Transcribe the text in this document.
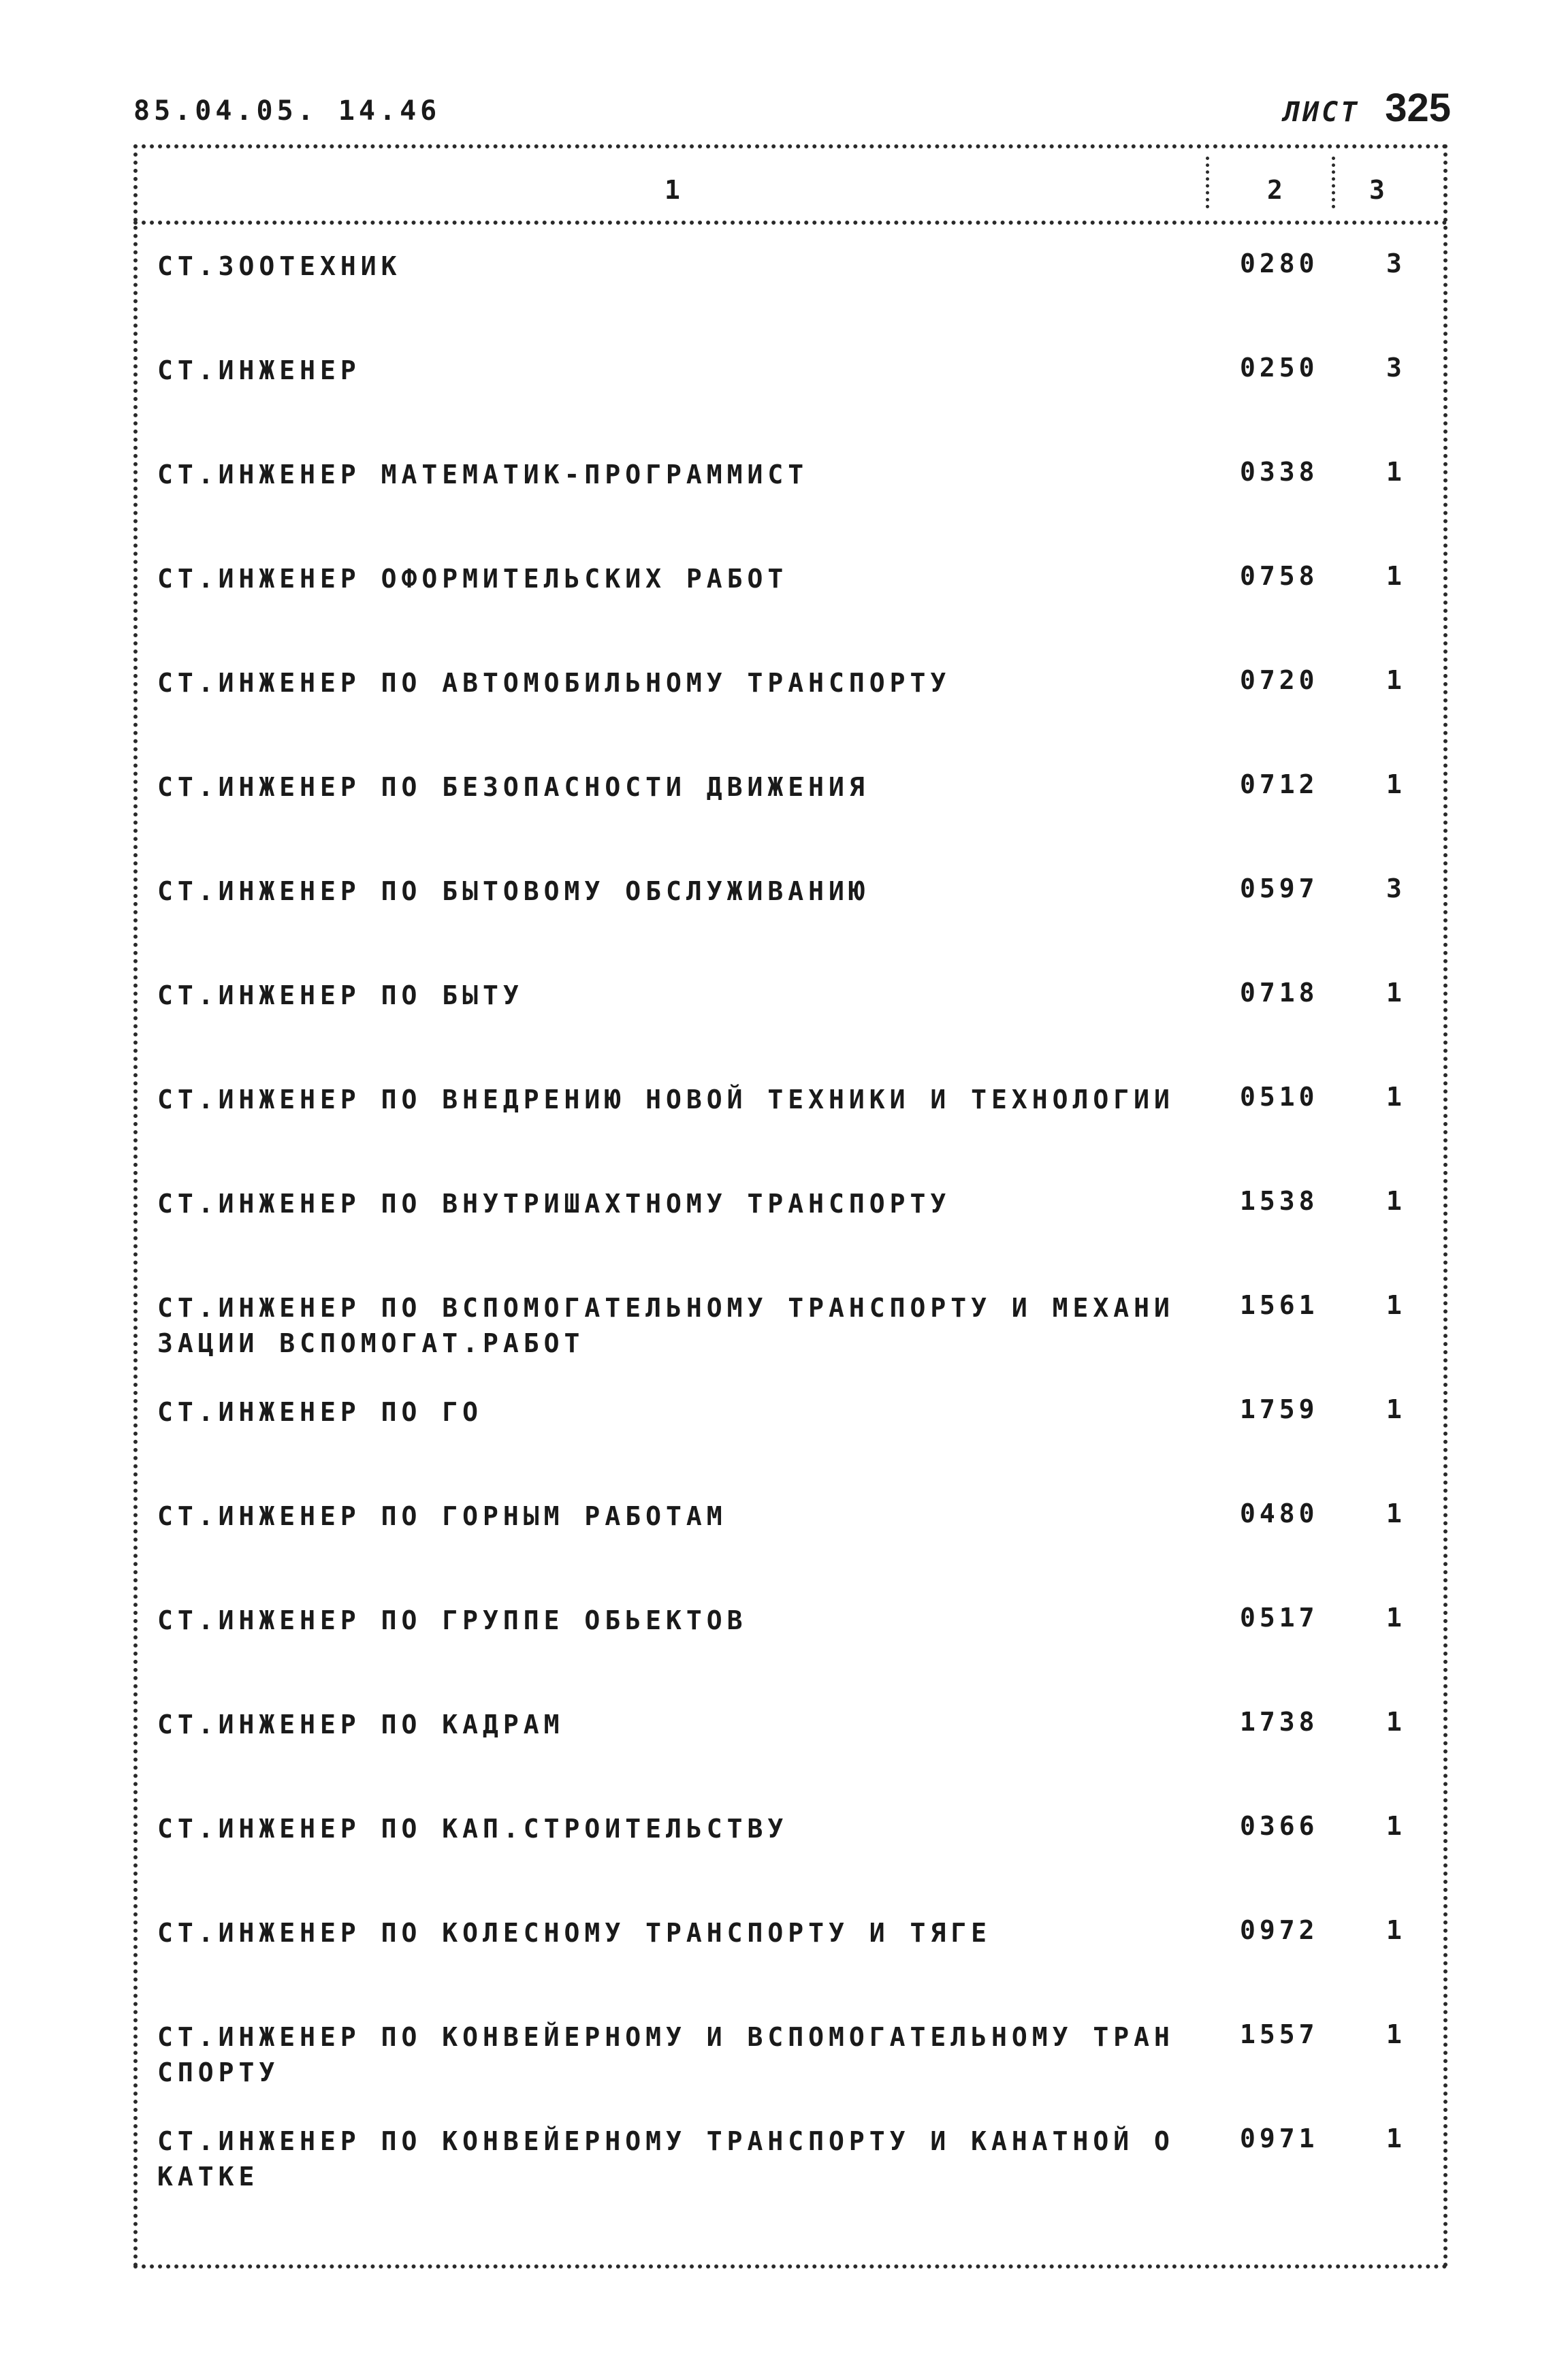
85.04.05. 14.46	ЛИСТ 325
1	2	3
СТ.ЗООТЕХНИК	0280	3
СТ.ИНЖЕНЕР	0250	3
СТ.ИНЖЕНЕР МАТЕМАТИК-ПРОГРАММИСТ	0338	1
СТ.ИНЖЕНЕР ОФОРМИТЕЛЬСКИХ РАБОТ	0758	1
СТ.ИНЖЕНЕР ПО АВТОМОБИЛЬНОМУ ТРАНСПОРТУ	0720	1
СТ.ИНЖЕНЕР ПО БЕЗОПАСНОСТИ ДВИЖЕНИЯ	0712	1
СТ.ИНЖЕНЕР ПО БЫТОВОМУ ОБСЛУЖИВАНИЮ	0597	3
СТ.ИНЖЕНЕР ПО БЫТУ	0718	1
СТ.ИНЖЕНЕР ПО ВНЕДРЕНИЮ НОВОЙ ТЕХНИКИ И ТЕХНОЛОГИИ	0510	1
СТ.ИНЖЕНЕР ПО ВНУТРИШАХТНОМУ ТРАНСПОРТУ	1538	1
СТ.ИНЖЕНЕР ПО ВСПОМОГАТЕЛЬНОМУ ТРАНСПОРТУ И МЕХАНИ
ЗАЦИИ ВСПОМОГАТ.РАБОТ
1561	1
СТ.ИНЖЕНЕР ПО ГО	1759	1
СТ.ИНЖЕНЕР ПО ГОРНЫМ РАБОТАМ	0480	1
СТ.ИНЖЕНЕР ПО ГРУППЕ ОБЬЕКТОВ	0517	1
СТ.ИНЖЕНЕР ПО КАДРАМ	1738	1
СТ.ИНЖЕНЕР ПО КАП.СТРОИТЕЛЬСТВУ	0366	1
СТ.ИНЖЕНЕР ПО КОЛЕСНОМУ ТРАНСПОРТУ И ТЯГЕ	0972	1
СТ.ИНЖЕНЕР ПО КОНВЕЙЕРНОМУ И ВСПОМОГАТЕЛЬНОМУ ТРАН
СПОРТУ
1557	1
СТ.ИНЖЕНЕР ПО КОНВЕЙЕРНОМУ ТРАНСПОРТУ И КАНАТНОЙ О
КАТКЕ
0971	1
